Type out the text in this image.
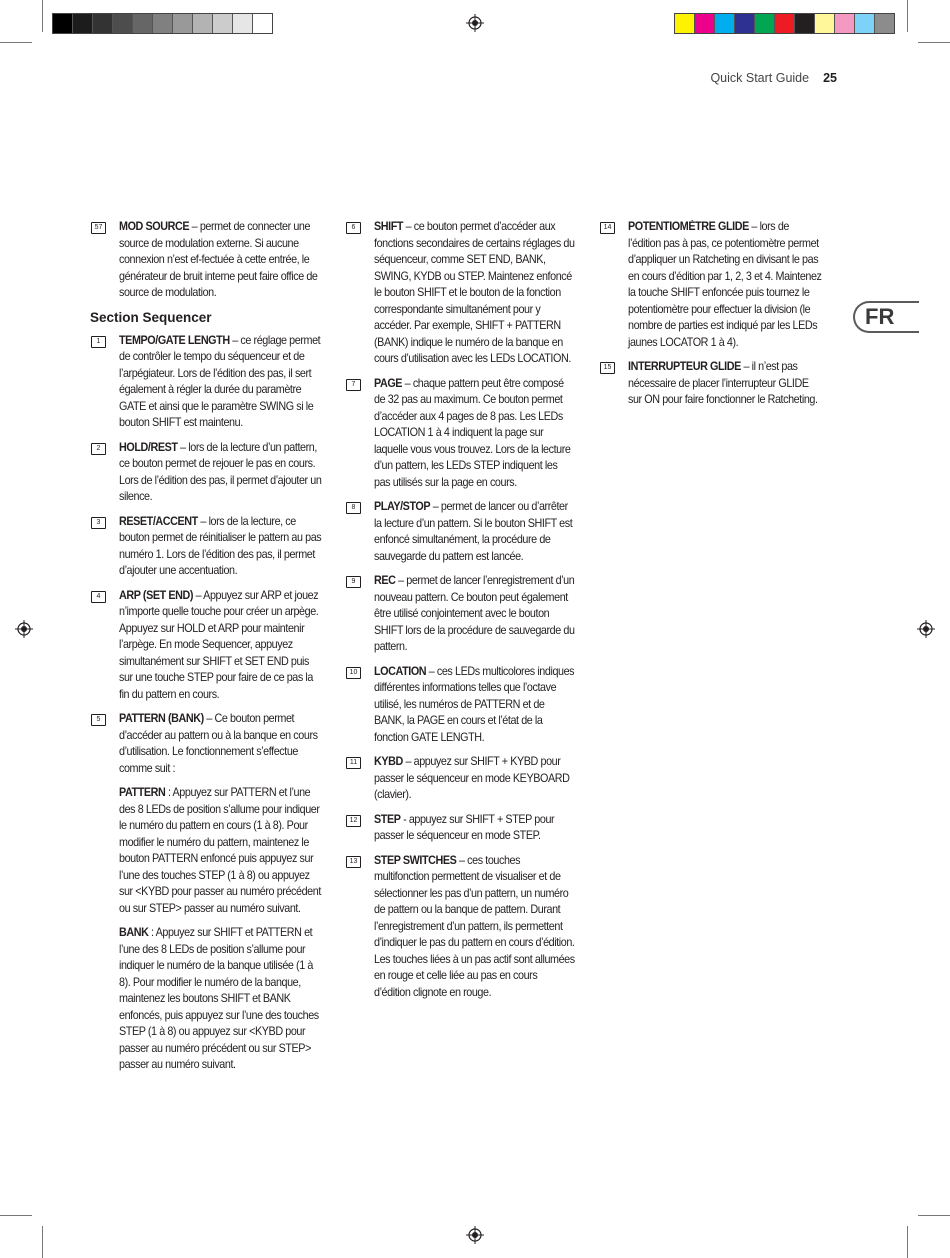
Quick Start Guide 25
FR
57	MOD SOURCE – permet de connecter une source de modulation externe. Si aucune connexion n’est ef-fectuée à cette entrée, le générateur de bruit interne peut faire office de source de modulation.

Section Sequencer
1	TEMPO/GATE LENGTH – ce réglage permet de contrôler le tempo du séquenceur et de l’arpégiateur. Lors de l’édition des pas, il sert également à régler la durée du paramètre GATE et ainsi que le paramètre SWING si le bouton SHIFT est maintenu.

2	HOLD/REST – lors de la lecture d’un pattern, ce bouton permet de rejouer le pas en cours. Lors de l’édition des pas, il permet d’ajouter un silence.

3	RESET/ACCENT – lors de la lecture, ce bouton permet de réinitialiser le pattern au pas numéro 1. Lors de l’édition des pas, il permet d’ajouter une accentuation.

4	ARP (SET END) – Appuyez sur ARP et jouez n’importe quelle touche pour créer un arpège. Appuyez sur HOLD et ARP pour maintenir l’arpège. En mode Sequencer, appuyez simultanément sur SHIFT et SET END puis sur une touche STEP pour faire de ce pas la fin du pattern en cours.

5	PATTERN (BANK) – Ce bouton permet d’accéder au pattern ou à la banque en cours d’utilisation. Le fonctionnement s’effectue comme suit :

PATTERN : Appuyez sur PATTERN et l’une des 8 LEDs de position s’allume pour indiquer le numéro du pattern en cours (1 à 8). Pour modifier le numéro du pattern, maintenez le bouton PATTERN enfoncé puis appuyez sur l’une des touches STEP (1 à 8) ou appuyez sur <KYBD pour passer au numéro précédent ou sur STEP> passer au numéro suivant.

BANK : Appuyez sur SHIFT et PATTERN et l’une des 8 LEDs de position s’allume pour indiquer le numéro de la banque utilisée (1 à 8). Pour modifier le numéro de la banque, maintenez les boutons SHIFT et BANK enfoncés, puis appuyez sur l’une des touches STEP (1 à 8) ou appuyez sur <KYBD pour passer au numéro précédent ou sur STEP> passer au numéro suivant.

6	SHIFT – ce bouton permet d’accéder aux fonctions secondaires de certains réglages du séquenceur, comme SET END, BANK, SWING, KYDB ou STEP. Maintenez enfoncé le bouton SHIFT et le bouton de la fonction correspondante simultanément pour y accéder. Par exemple, SHIFT + PATTERN (BANK) indique le numéro de la banque en cours d’utilisation avec les LEDs LOCATION.

7	PAGE – chaque pattern peut être composé de 32 pas au maximum. Ce bouton permet d’accéder aux 4 pages de 8 pas. Les LEDs LOCATION 1 à 4 indiquent la page sur laquelle vous vous trouvez. Lors de la lecture d’un pattern, les LEDs STEP indiquent les pas utilisés sur la page en cours.

8	PLAY/STOP – permet de lancer ou d’arrêter la lecture d’un pattern. Si le bouton SHIFT est enfoncé simultanément, la procédure de sauvegarde du pattern est lancée.

9	REC – permet de lancer l’enregistrement d’un nouveau pattern. Ce bouton peut également être utilisé conjointement avec le bouton SHIFT lors de la procédure de sauvegarde du pattern.

10	LOCATION – ces LEDs multicolores indiques différentes informations telles que l’octave utilisé, les numéros de PATTERN et de BANK, la PAGE en cours et l’état de la fonction GATE LENGTH.

11	KYBD – appuyez sur SHIFT + KYBD pour passer le séquenceur en mode KEYBOARD (clavier).

12	STEP - appuyez sur SHIFT + STEP pour passer le séquenceur en mode STEP.

13	STEP SWITCHES – ces touches multifonction permettent de visualiser et de sélectionner les pas d’un pattern, un numéro de pattern ou la banque de pattern. Durant l’enregistrement d’un pattern, ils permettent d’indiquer le pas du pattern en cours d’édition. Les touches liées à un pas actif sont allumées en rouge et celle liée au pas en cours d’édition clignote en rouge.

14	POTENTIOMÈTRE GLIDE – lors de l’édition pas à pas, ce potentiomètre permet d’appliquer un Ratcheting en divisant le pas en cours d’édition par 1, 2, 3 et 4. Maintenez la touche SHIFT enfoncée puis tournez le potentiomètre pour effectuer la division (le nombre de parties est indiqué par les LEDs jaunes LOCATOR 1 à 4).

15	INTERRUPTEUR GLIDE – il n’est pas nécessaire de placer l’interrupteur GLIDE sur ON pour faire fonctionner le Ratcheting.
